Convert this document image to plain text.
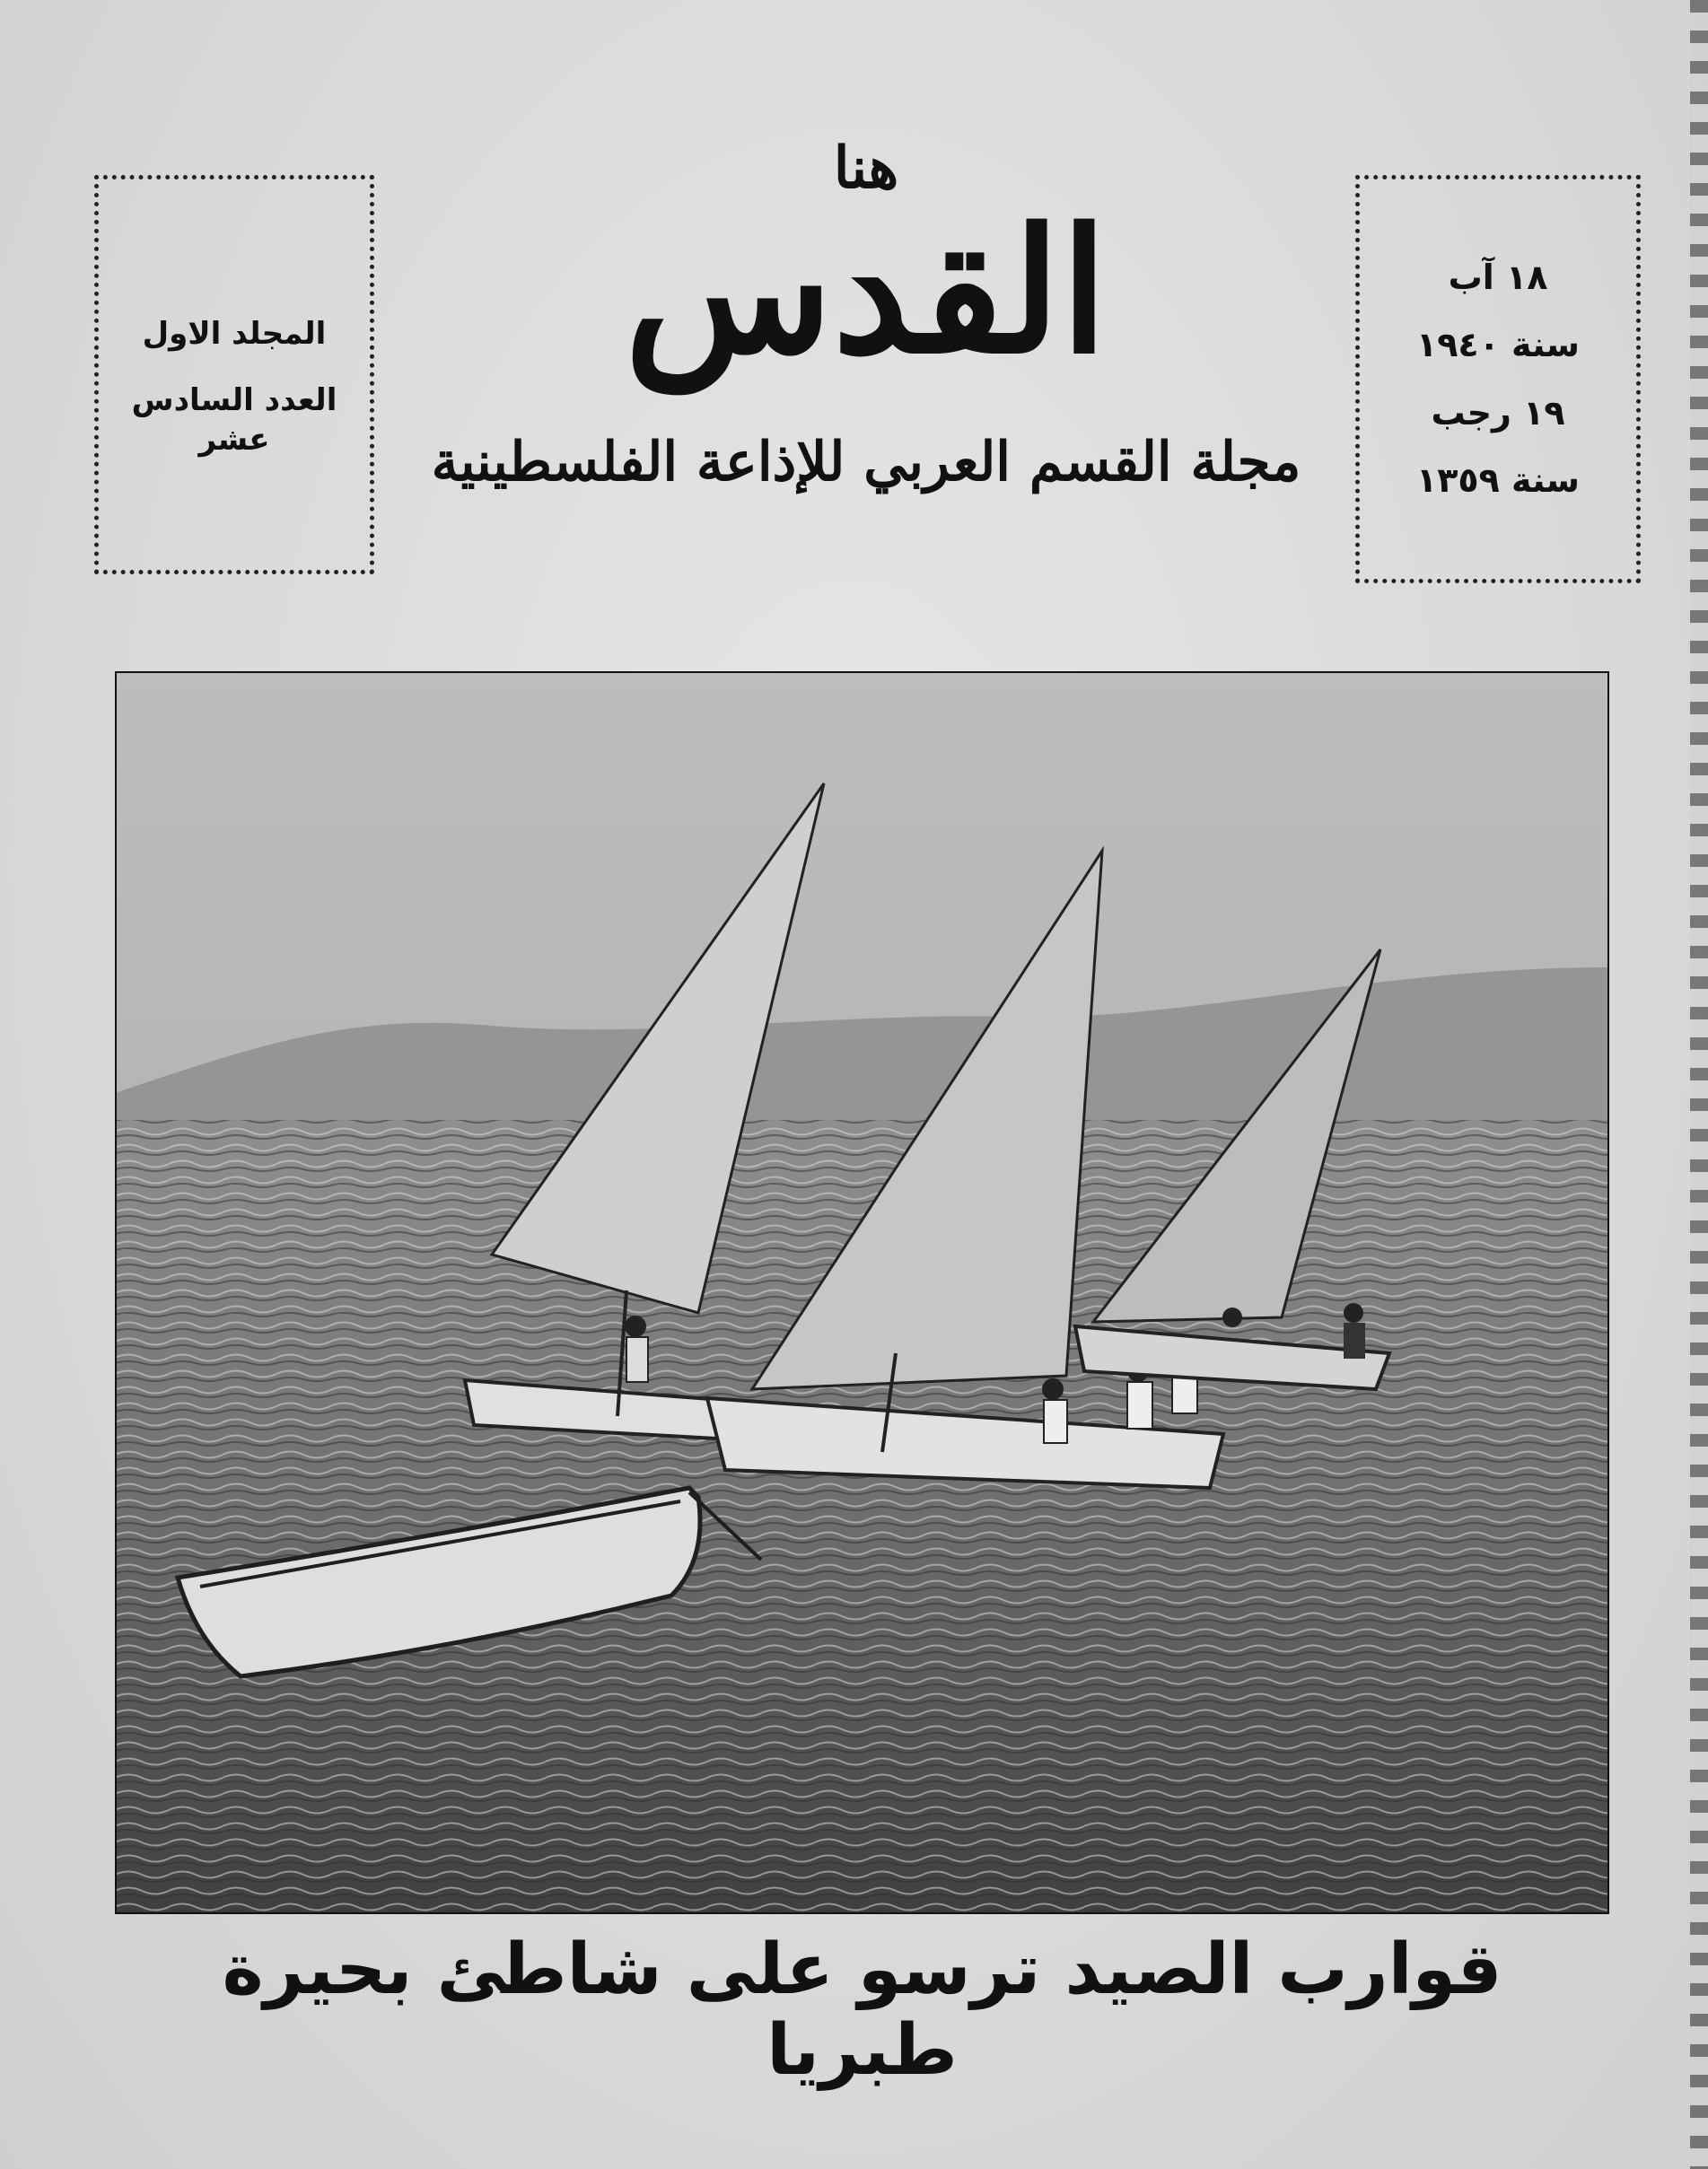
المجلد الاول
العدد السادس عشر
هنا
القدس
مجلة القسم العربي للإذاعة الفلسطينية
١٨ آب
سنة ١٩٤٠
١٩ رجب
سنة ١٣٥٩
قوارب الصيد ترسو على شاطئ بحيرة طبريا
